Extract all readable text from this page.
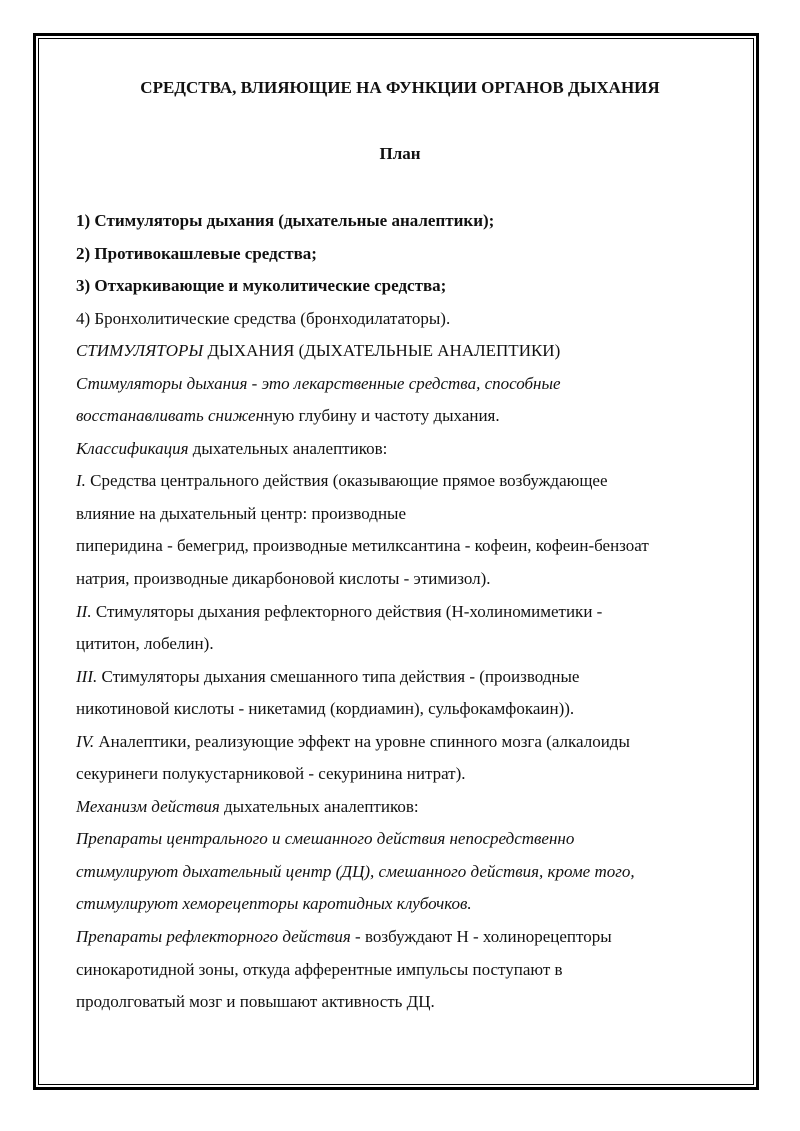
СРЕДСТВА, ВЛИЯЮЩИЕ НА ФУНКЦИИ ОРГАНОВ ДЫХАНИЯ
План
1) Стимуляторы дыхания (дыхательные аналептики);
2) Противокашлевые средства;
3) Отхаркивающие и муколитические средства;
4) Бронхолитические средства (бронходилататоры).
СТИМУЛЯТОРЫ ДЫХАНИЯ (ДЫХАТЕЛЬНЫЕ АНАЛЕПТИКИ)
Стимуляторы дыхания - это лекарственные средства, способные
восстанавливать сниженную глубину и частоту дыхания.
Классификация дыхательных аналептиков:
I. Средства центрального действия (оказывающие прямое возбуждающее
влияние на дыхательный центр: производные
пиперидина - бемегрид, производные метилксантина - кофеин, кофеин-бензоат
натрия, производные дикарбоновой кислоты - этимизол).
II. Стимуляторы дыхания рефлекторного действия (Н-холиномиметики -
цититон, лобелин).
III. Стимуляторы дыхания смешанного типа действия - (производные
никотиновой кислоты - никетамид (кордиамин), сульфокамфокаин)).
IV. Аналептики, реализующие эффект на уровне спинного мозга (алкалоиды
секуринеги полукустарниковой - секуринина нитрат).
Механизм действия дыхательных аналептиков:
Препараты центрального и смешанного действия непосредственно
стимулируют дыхательный центр (ДЦ), смешанного действия, кроме того,
стимулируют хеморецепторы каротидных клубочков.
Препараты рефлекторного действия - возбуждают Н - холинорецепторы
синокаротидной зоны, откуда афферентные импульсы поступают в
продолговатый мозг и повышают активность ДЦ.
